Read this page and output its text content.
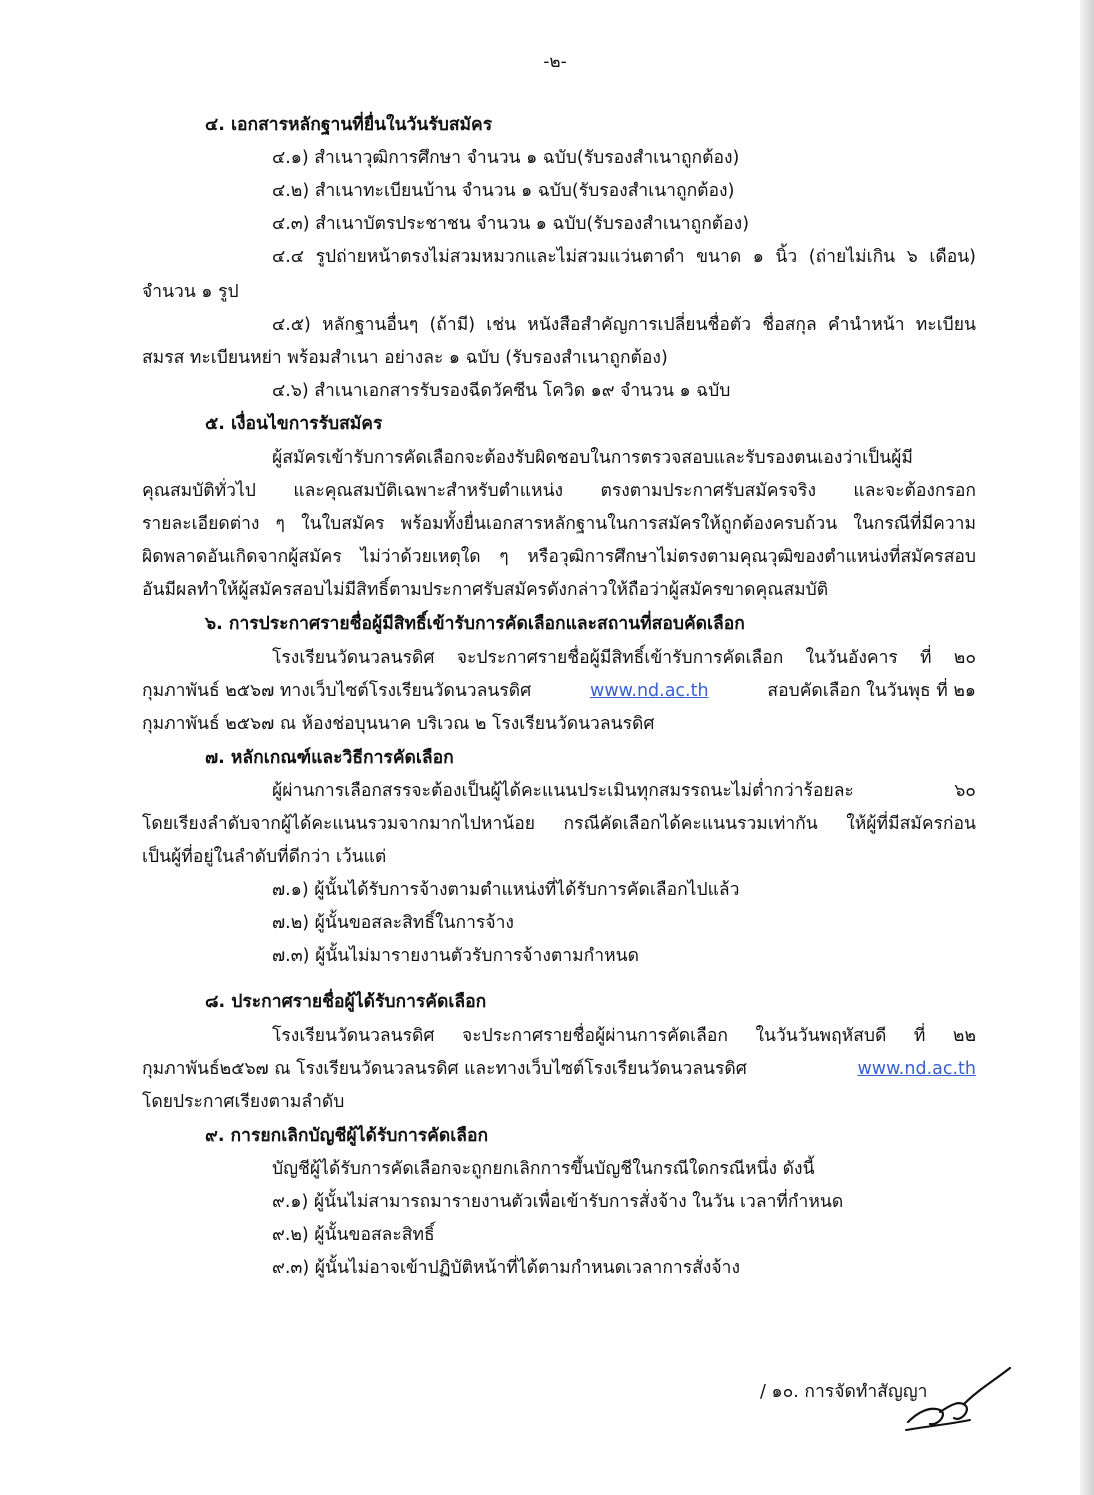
-๒-
๔. เอกสารหลักฐานที่ยื่นในวันรับสมัคร
๔.๑) สำเนาวุฒิการศึกษา จำนวน ๑ ฉบับ(รับรองสำเนาถูกต้อง)
๔.๒) สำเนาทะเบียนบ้าน จำนวน ๑ ฉบับ(รับรองสำเนาถูกต้อง)
๔.๓) สำเนาบัตรประชาชน จำนวน ๑ ฉบับ(รับรองสำเนาถูกต้อง)
๔.๔ รูปถ่ายหน้าตรงไม่สวมหมวกและไม่สวมแว่นตาดำ ขนาด ๑ นิ้ว (ถ่ายไม่เกิน ๖ เดือน)
จำนวน ๑ รูป
๔.๕) หลักฐานอื่นๆ (ถ้ามี) เช่น หนังสือสำคัญการเปลี่ยนชื่อตัว ชื่อสกุล คำนำหน้า ทะเบียน
สมรส ทะเบียนหย่า พร้อมสำเนา อย่างละ ๑ ฉบับ (รับรองสำเนาถูกต้อง)
๔.๖) สำเนาเอกสารรับรองฉีดวัคซีน โควิด ๑๙ จำนวน ๑ ฉบับ
๕. เงื่อนไขการรับสมัคร
ผู้สมัครเข้ารับการคัดเลือกจะต้องรับผิดชอบในการตรวจสอบและรับรองตนเองว่าเป็นผู้มี
คุณสมบัติทั่วไป และคุณสมบัติเฉพาะสำหรับตำแหน่ง ตรงตามประกาศรับสมัครจริง และจะต้องกรอก
รายละเอียดต่าง ๆ ในใบสมัคร พร้อมทั้งยื่นเอกสารหลักฐานในการสมัครให้ถูกต้องครบถ้วน ในกรณีที่มีความ
ผิดพลาดอันเกิดจากผู้สมัคร ไม่ว่าด้วยเหตุใด ๆ หรือวุฒิการศึกษาไม่ตรงตามคุณวุฒิของตำแหน่งที่สมัครสอบ
อันมีผลทำให้ผู้สมัครสอบไม่มีสิทธิ์ตามประกาศรับสมัครดังกล่าวให้ถือว่าผู้สมัครขาดคุณสมบัติ
๖. การประกาศรายชื่อผู้มีสิทธิ์เข้ารับการคัดเลือกและสถานที่สอบคัดเลือก
โรงเรียนวัดนวลนรดิศ จะประกาศรายชื่อผู้มีสิทธิ์เข้ารับการคัดเลือก ในวันอังคาร ที่ ๒๐
กุมภาพันธ์ ๒๕๖๗ ทางเว็บไซต์โรงเรียนวัดนวลนรดิศ	www.nd.ac.th	สอบคัดเลือก ในวันพุธ ที่ ๒๑
กุมภาพันธ์ ๒๕๖๗ ณ ห้องช่อบุนนาค บริเวณ ๒ โรงเรียนวัดนวลนรดิศ
๗. หลักเกณฑ์และวิธีการคัดเลือก
ผู้ผ่านการเลือกสรรจะต้องเป็นผู้ได้คะแนนประเมินทุกสมรรถนะไม่ต่ำกว่าร้อยละ ๖๐
โดยเรียงลำดับจากผู้ได้คะแนนรวมจากมากไปหาน้อย กรณีคัดเลือกได้คะแนนรวมเท่ากัน ให้ผู้ที่มีสมัครก่อน
เป็นผู้ที่อยู่ในลำดับที่ดีกว่า เว้นแต่
๗.๑) ผู้นั้นได้รับการจ้างตามตำแหน่งที่ได้รับการคัดเลือกไปแล้ว
๗.๒) ผู้นั้นขอสละสิทธิ์ในการจ้าง
๗.๓) ผู้นั้นไม่มารายงานตัวรับการจ้างตามกำหนด
๘. ประกาศรายชื่อผู้ได้รับการคัดเลือก
โรงเรียนวัดนวลนรดิศ จะประกาศรายชื่อผู้ผ่านการคัดเลือก ในวันวันพฤหัสบดี ที่ ๒๒
กุมภาพันธ์๒๕๖๗ ณ โรงเรียนวัดนวลนรดิศ และทางเว็บไซต์โรงเรียนวัดนวลนรดิศ	www.nd.ac.th
โดยประกาศเรียงตามลำดับ
๙. การยกเลิกบัญชีผู้ได้รับการคัดเลือก
บัญชีผู้ได้รับการคัดเลือกจะถูกยกเลิกการขึ้นบัญชีในกรณีใดกรณีหนึ่ง ดังนี้
๙.๑) ผู้นั้นไม่สามารถมารายงานตัวเพื่อเข้ารับการสั่งจ้าง ในวัน เวลาที่กำหนด
๙.๒) ผู้นั้นขอสละสิทธิ์
๙.๓) ผู้นั้นไม่อาจเข้าปฏิบัติหน้าที่ได้ตามกำหนดเวลาการสั่งจ้าง
/ ๑๐. การจัดทำสัญญา
